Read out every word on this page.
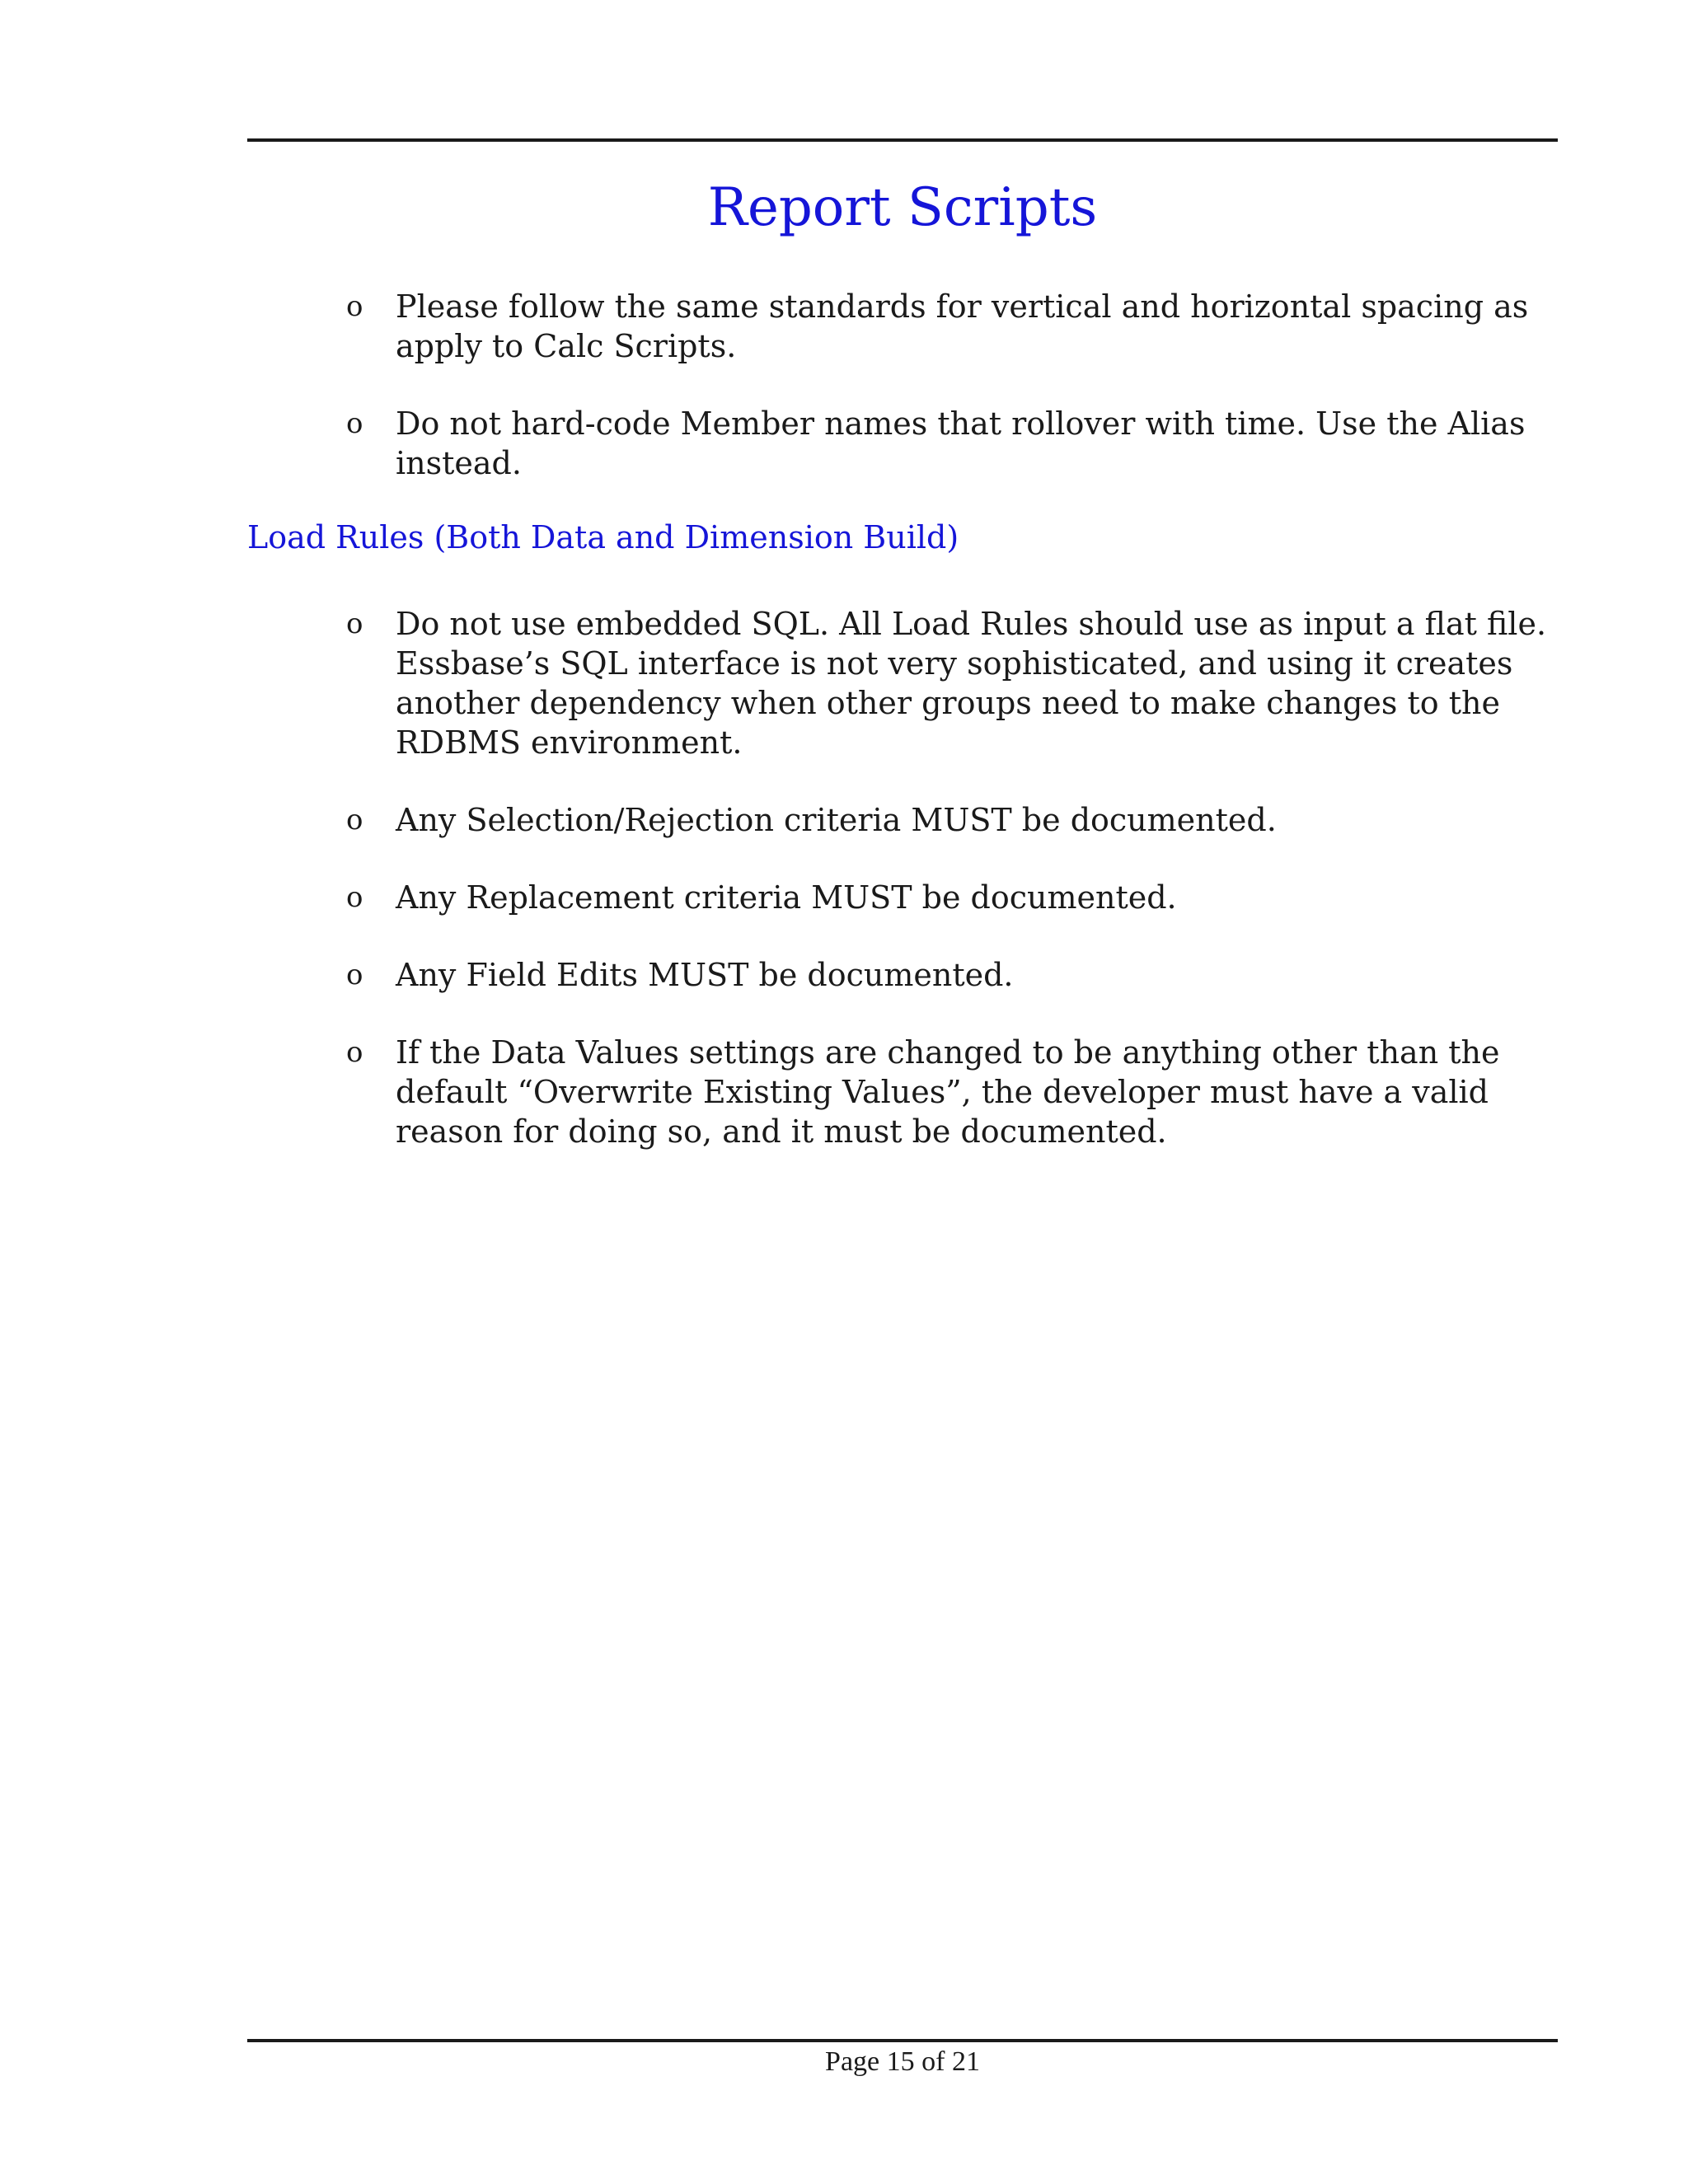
Report Scripts
o Please follow the same standards for vertical and horizontal spacing as apply to Calc Scripts.
o Do not hard-code Member names that rollover with time. Use the Alias instead.
Load Rules (Both Data and Dimension Build)
o Do not use embedded SQL. All Load Rules should use as input a flat file. Essbase’s SQL interface is not very sophisticated, and using it creates another dependency when other groups need to make changes to the RDBMS environment.
o Any Selection/Rejection criteria MUST be documented.
o Any Replacement criteria MUST be documented.
o Any Field Edits MUST be documented.
o If the Data Values settings are changed to be anything other than the default “Overwrite Existing Values”, the developer must have a valid reason for doing so, and it must be documented.
Page 15 of 21
